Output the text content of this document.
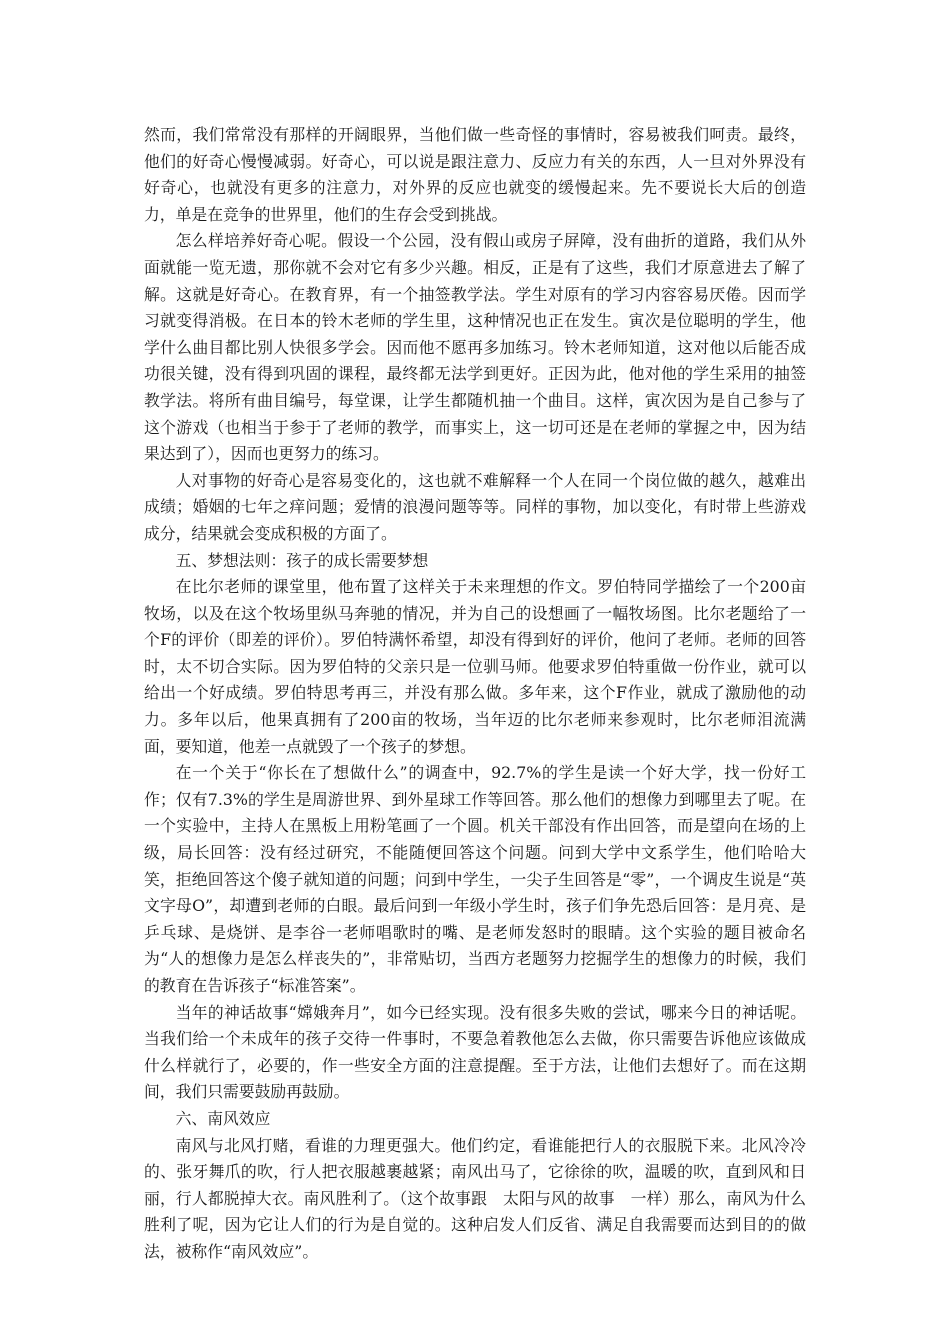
然而，我们常常没有那样的开阔眼界，当他们做一些奇怪的事情时，容易被我们呵责。最终，他们的好奇心慢慢减弱。好奇心，可以说是跟注意力、反应力有关的东西，人一旦对外界没有好奇心，也就没有更多的注意力，对外界的反应也就变的缓慢起来。先不要说长大后的创造力，单是在竞争的世界里，他们的生存会受到挑战。

怎么样培养好奇心呢。假设一个公园，没有假山或房子屏障，没有曲折的道路，我们从外面就能一览无遗，那你就不会对它有多少兴趣。相反，正是有了这些，我们才原意进去了解了解。这就是好奇心。在教育界，有一个抽签教学法。学生对原有的学习内容容易厌倦。因而学习就变得消极。在日本的铃木老师的学生里，这种情况也正在发生。寅次是位聪明的学生，他学什么曲目都比别人快很多学会。因而他不愿再多加练习。铃木老师知道，这对他以后能否成功很关键，没有得到巩固的课程，最终都无法学到更好。正因为此，他对他的学生采用的抽签教学法。将所有曲目编号，每堂课，让学生都随机抽一个曲目。这样，寅次因为是自己参与了这个游戏（也相当于参于了老师的教学，而事实上，这一切可还是在老师的掌握之中，因为结果达到了），因而也更努力的练习。

人对事物的好奇心是容易变化的，这也就不难解释一个人在同一个岗位做的越久，越难出成绩；婚姻的七年之痒问题；爱情的浪漫问题等等。同样的事物，加以变化，有时带上些游戏成分，结果就会变成积极的方面了。

五、梦想法则：孩子的成长需要梦想

在比尔老师的课堂里，他布置了这样关于未来理想的作文。罗伯特同学描绘了一个200亩牧场，以及在这个牧场里纵马奔驰的情况，并为自己的设想画了一幅牧场图。比尔老题给了一个F的评价（即差的评价）。罗伯特满怀希望，却没有得到好的评价，他问了老师。老师的回答时，太不切合实际。因为罗伯特的父亲只是一位驯马师。他要求罗伯特重做一份作业，就可以给出一个好成绩。罗伯特思考再三，并没有那么做。多年来，这个F作业，就成了激励他的动力。多年以后，他果真拥有了200亩的牧场，当年迈的比尔老师来参观时，比尔老师泪流满面，要知道，他差一点就毁了一个孩子的梦想。

在一个关于“你长在了想做什么”的调查中，92.7%的学生是读一个好大学，找一份好工作；仅有7.3%的学生是周游世界、到外星球工作等回答。那么他们的想像力到哪里去了呢。在一个实验中，主持人在黑板上用粉笔画了一个圆。机关干部没有作出回答，而是望向在场的上级，局长回答：没有经过研究，不能随便回答这个问题。问到大学中文系学生，他们哈哈大笑，拒绝回答这个傻子就知道的问题；问到中学生，一尖子生回答是“零”，一个调皮生说是“英文字母O”，却遭到老师的白眼。最后问到一年级小学生时，孩子们争先恐后回答：是月亮、是乒乓球、是烧饼、是李谷一老师唱歌时的嘴、是老师发怒时的眼睛。这个实验的题目被命名为“人的想像力是怎么样丧失的”，非常贴切，当西方老题努力挖掘学生的想像力的时候，我们的教育在告诉孩子“标准答案”。

当年的神话故事“嫦娥奔月”，如今已经实现。没有很多失败的尝试，哪来今日的神话呢。当我们给一个未成年的孩子交待一件事时，不要急着教他怎么去做，你只需要告诉他应该做成什么样就行了，必要的，作一些安全方面的注意提醒。至于方法，让他们去想好了。而在这期间，我们只需要鼓励再鼓励。

六、南风效应

南风与北风打赌，看谁的力理更强大。他们约定，看谁能把行人的衣服脱下来。北风冷冷的、张牙舞爪的吹，行人把衣服越裹越紧；南风出马了，它徐徐的吹，温暖的吹，直到风和日丽，行人都脱掉大衣。南风胜利了。（这个故事跟　太阳与风的故事　一样）那么，南风为什么胜利了呢，因为它让人们的行为是自觉的。这种启发人们反省、满足自我需要而达到目的的做法，被称作“南风效应”。
